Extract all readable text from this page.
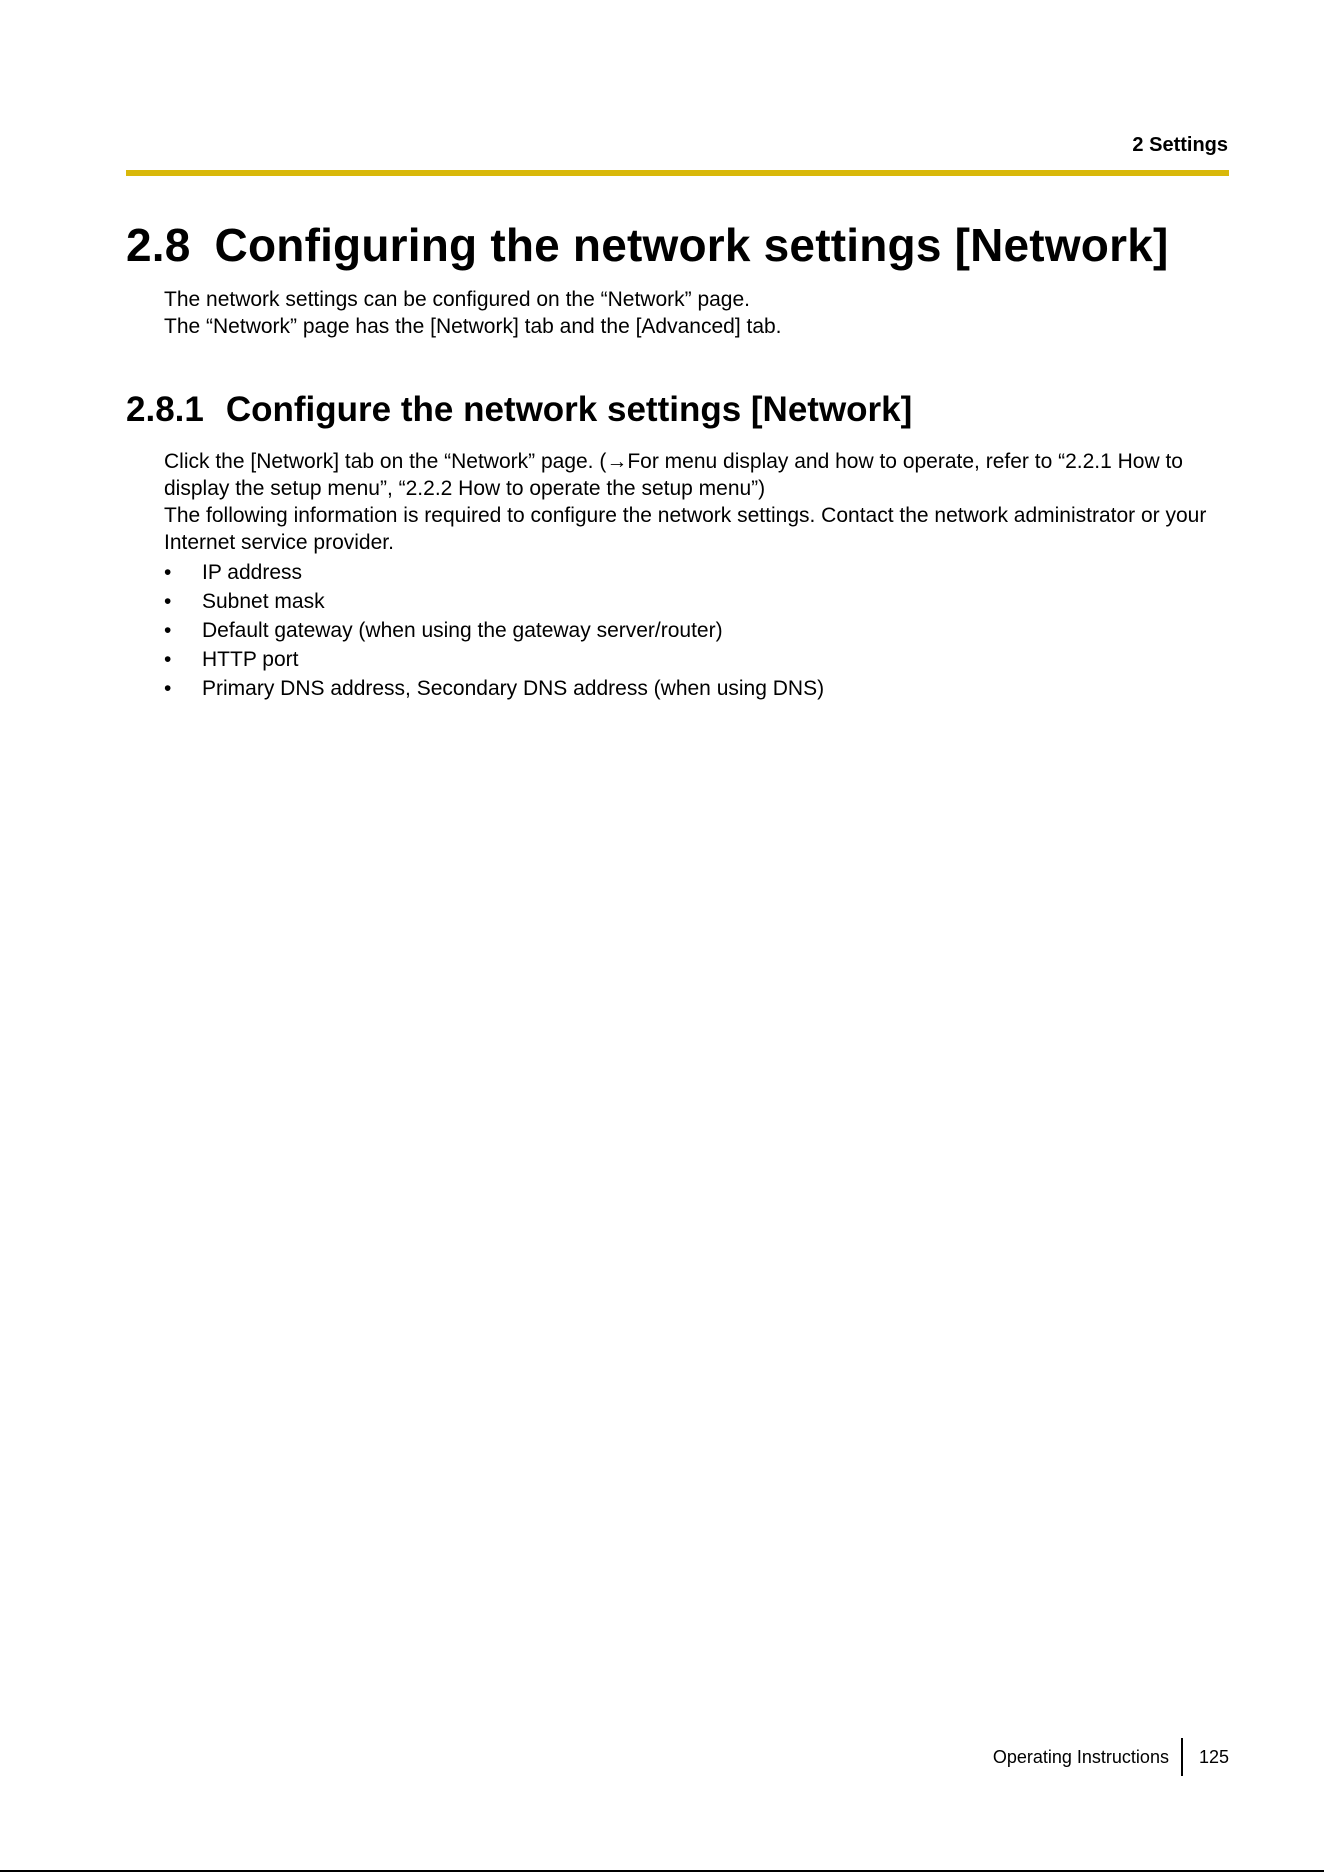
2 Settings
2.8 Configuring the network settings [Network]
The network settings can be configured on the “Network” page.
The “Network” page has the [Network] tab and the [Advanced] tab.
2.8.1 Configure the network settings [Network]

Click the [Network] tab on the “Network” page. (→For menu display and how to operate, refer to “2.2.1 How to display the setup menu”, “2.2.2 How to operate the setup menu”)

The following information is required to configure the network settings. Contact the network administrator or your Internet service provider.

• IP address
• Subnet mask
• Default gateway (when using the gateway server/router)
• HTTP port
• Primary DNS address, Secondary DNS address (when using DNS)
Operating Instructions 125
